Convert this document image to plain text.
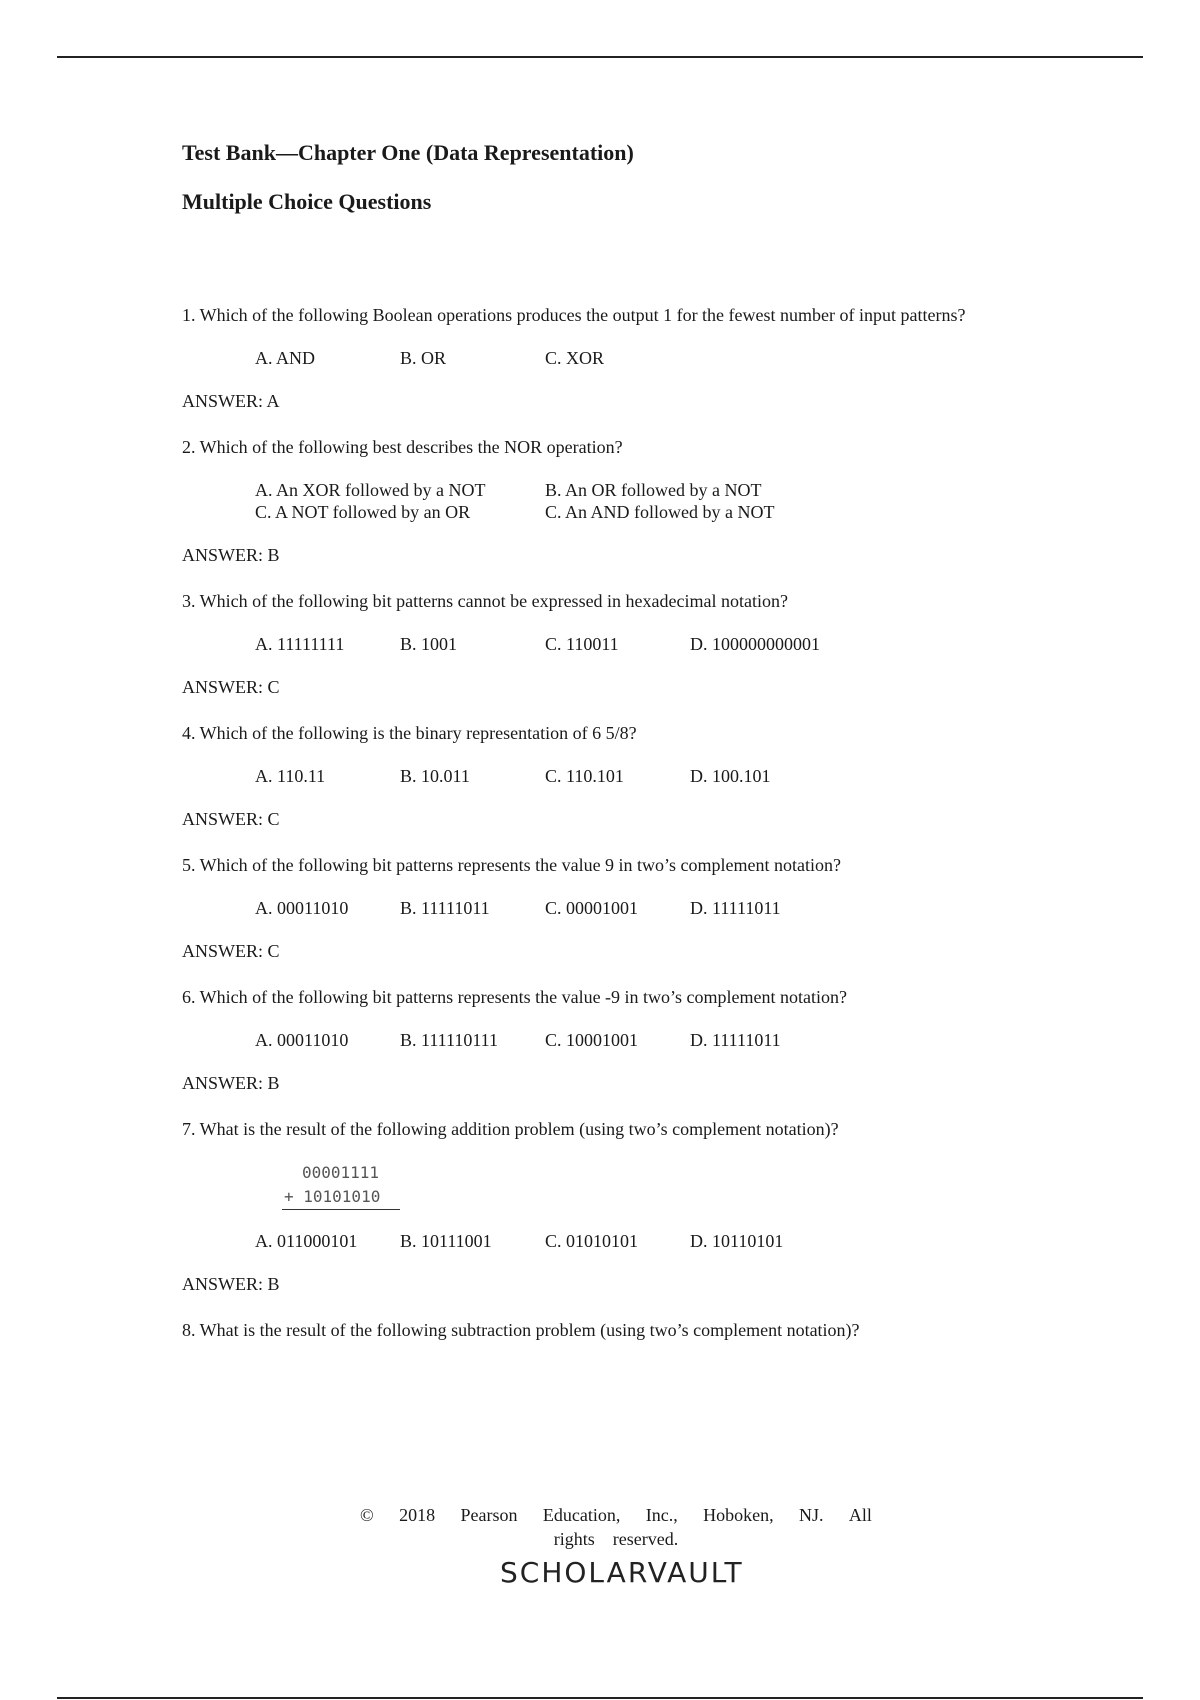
Test Bank—Chapter One (Data Representation)
Multiple Choice Questions
1. Which of the following Boolean operations produces the output 1 for the fewest number of input patterns?
A. AND	B. OR	C. XOR
ANSWER: A
2. Which of the following best describes the NOR operation?
A. An XOR followed by a NOT	B. An OR followed by a NOT
C. A NOT followed by an OR	C. An AND followed by a NOT
ANSWER: B
3. Which of the following bit patterns cannot be expressed in hexadecimal notation?
A. 11111111	B. 1001	C. 110011	D. 100000000001
ANSWER: C
4. Which of the following is the binary representation of 6 5/8?
A. 110.11	B. 10.011	C. 110.101	D. 100.101
ANSWER: C
5. Which of the following bit patterns represents the value 9 in two’s complement notation?
A. 00011010	B. 11111011	C. 00001001	D. 11111011
ANSWER: C
6. Which of the following bit patterns represents the value -9 in two’s complement notation?
A. 00011010	B. 111110111	C. 10001001	D. 11111011
ANSWER: B
7. What is the result of the following addition problem (using two’s complement notation)?
00001111
+ 10101010
A. 011000101	B. 10111001	C. 01010101	D. 10110101
ANSWER: B
8. What is the result of the following subtraction problem (using two’s complement notation)?
© 2018 Pearson Education, Inc., Hoboken, NJ. All
rights    reserved.
SCHOLARVAULT
